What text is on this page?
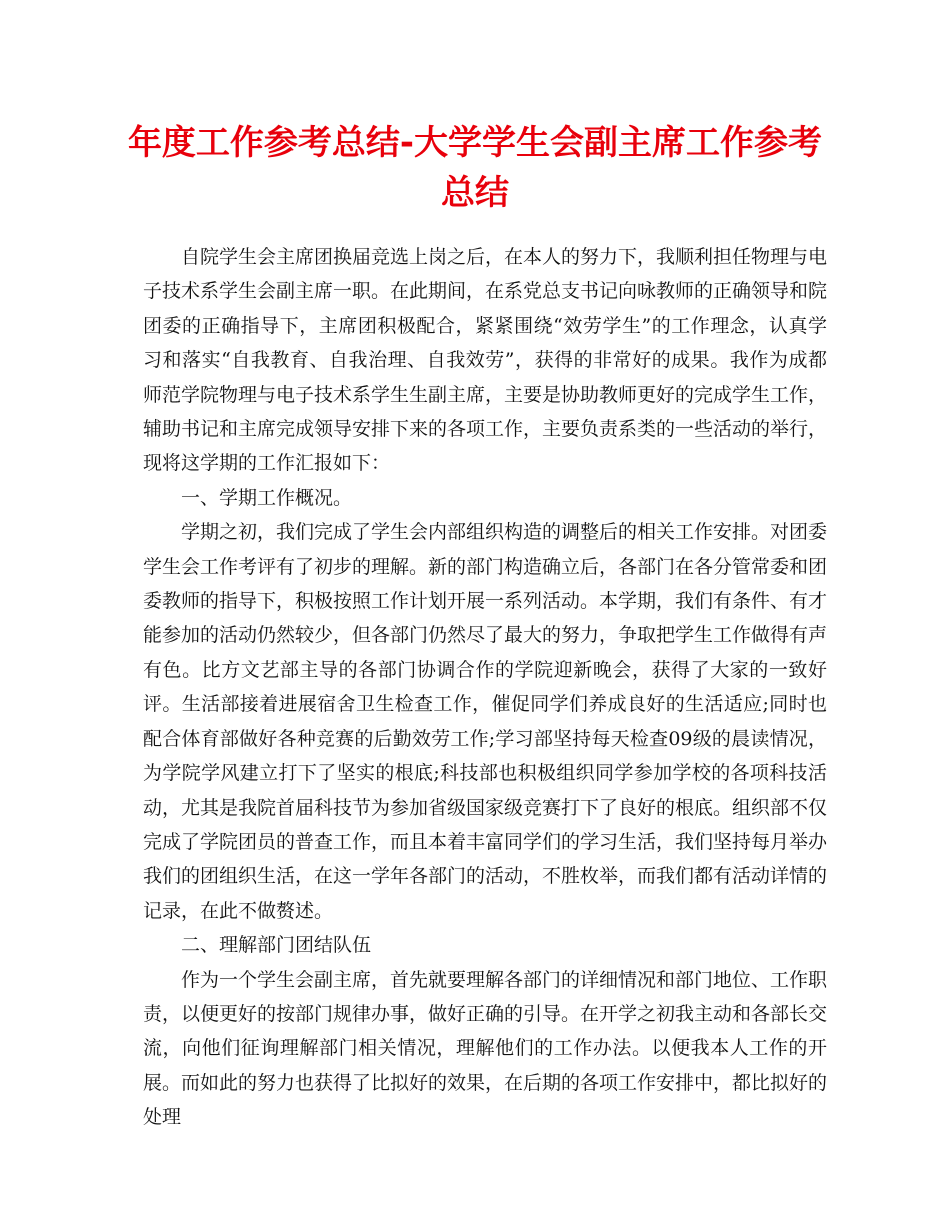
年度工作参考总结-大学学生会副主席工作参考总结

自院学生会主席团换届竞选上岗之后，在本人的努力下，我顺利担任物理与电子技术系学生会副主席一职。在此期间，在系党总支书记向咏教师的正确领导和院团委的正确指导下，主席团积极配合，紧紧围绕“效劳学生”的工作理念，认真学习和落实“自我教育、自我治理、自我效劳”，获得的非常好的成果。我作为成都师范学院物理与电子技术系学生生副主席，主要是协助教师更好的完成学生工作，辅助书记和主席完成领导安排下来的各项工作，主要负责系类的一些活动的举行，现将这学期的工作汇报如下：

一、学期工作概况。

学期之初，我们完成了学生会内部组织构造的调整后的相关工作安排。对团委学生会工作考评有了初步的理解。新的部门构造确立后，各部门在各分管常委和团委教师的指导下，积极按照工作计划开展一系列活动。本学期，我们有条件、有才能参加的活动仍然较少，但各部门仍然尽了最大的努力，争取把学生工作做得有声有色。比方文艺部主导的各部门协调合作的学院迎新晚会，获得了大家的一致好评。生活部接着进展宿舍卫生检查工作，催促同学们养成良好的生活适应;同时也配合体育部做好各种竞赛的后勤效劳工作;学习部坚持每天检查09级的晨读情况，为学院学风建立打下了坚实的根底;科技部也积极组织同学参加学校的各项科技活动，尤其是我院首届科技节为参加省级国家级竞赛打下了良好的根底。组织部不仅完成了学院团员的普查工作，而且本着丰富同学们的学习生活，我们坚持每月举办我们的团组织生活，在这一学年各部门的活动，不胜枚举，而我们都有活动详情的记录，在此不做赘述。

二、理解部门团结队伍

作为一个学生会副主席，首先就要理解各部门的详细情况和部门地位、工作职责，以便更好的按部门规律办事，做好正确的引导。在开学之初我主动和各部长交流，向他们征询理解部门相关情况，理解他们的工作办法。以便我本人工作的开展。而如此的努力也获得了比拟好的效果，在后期的各项工作安排中，都比拟好的处理
